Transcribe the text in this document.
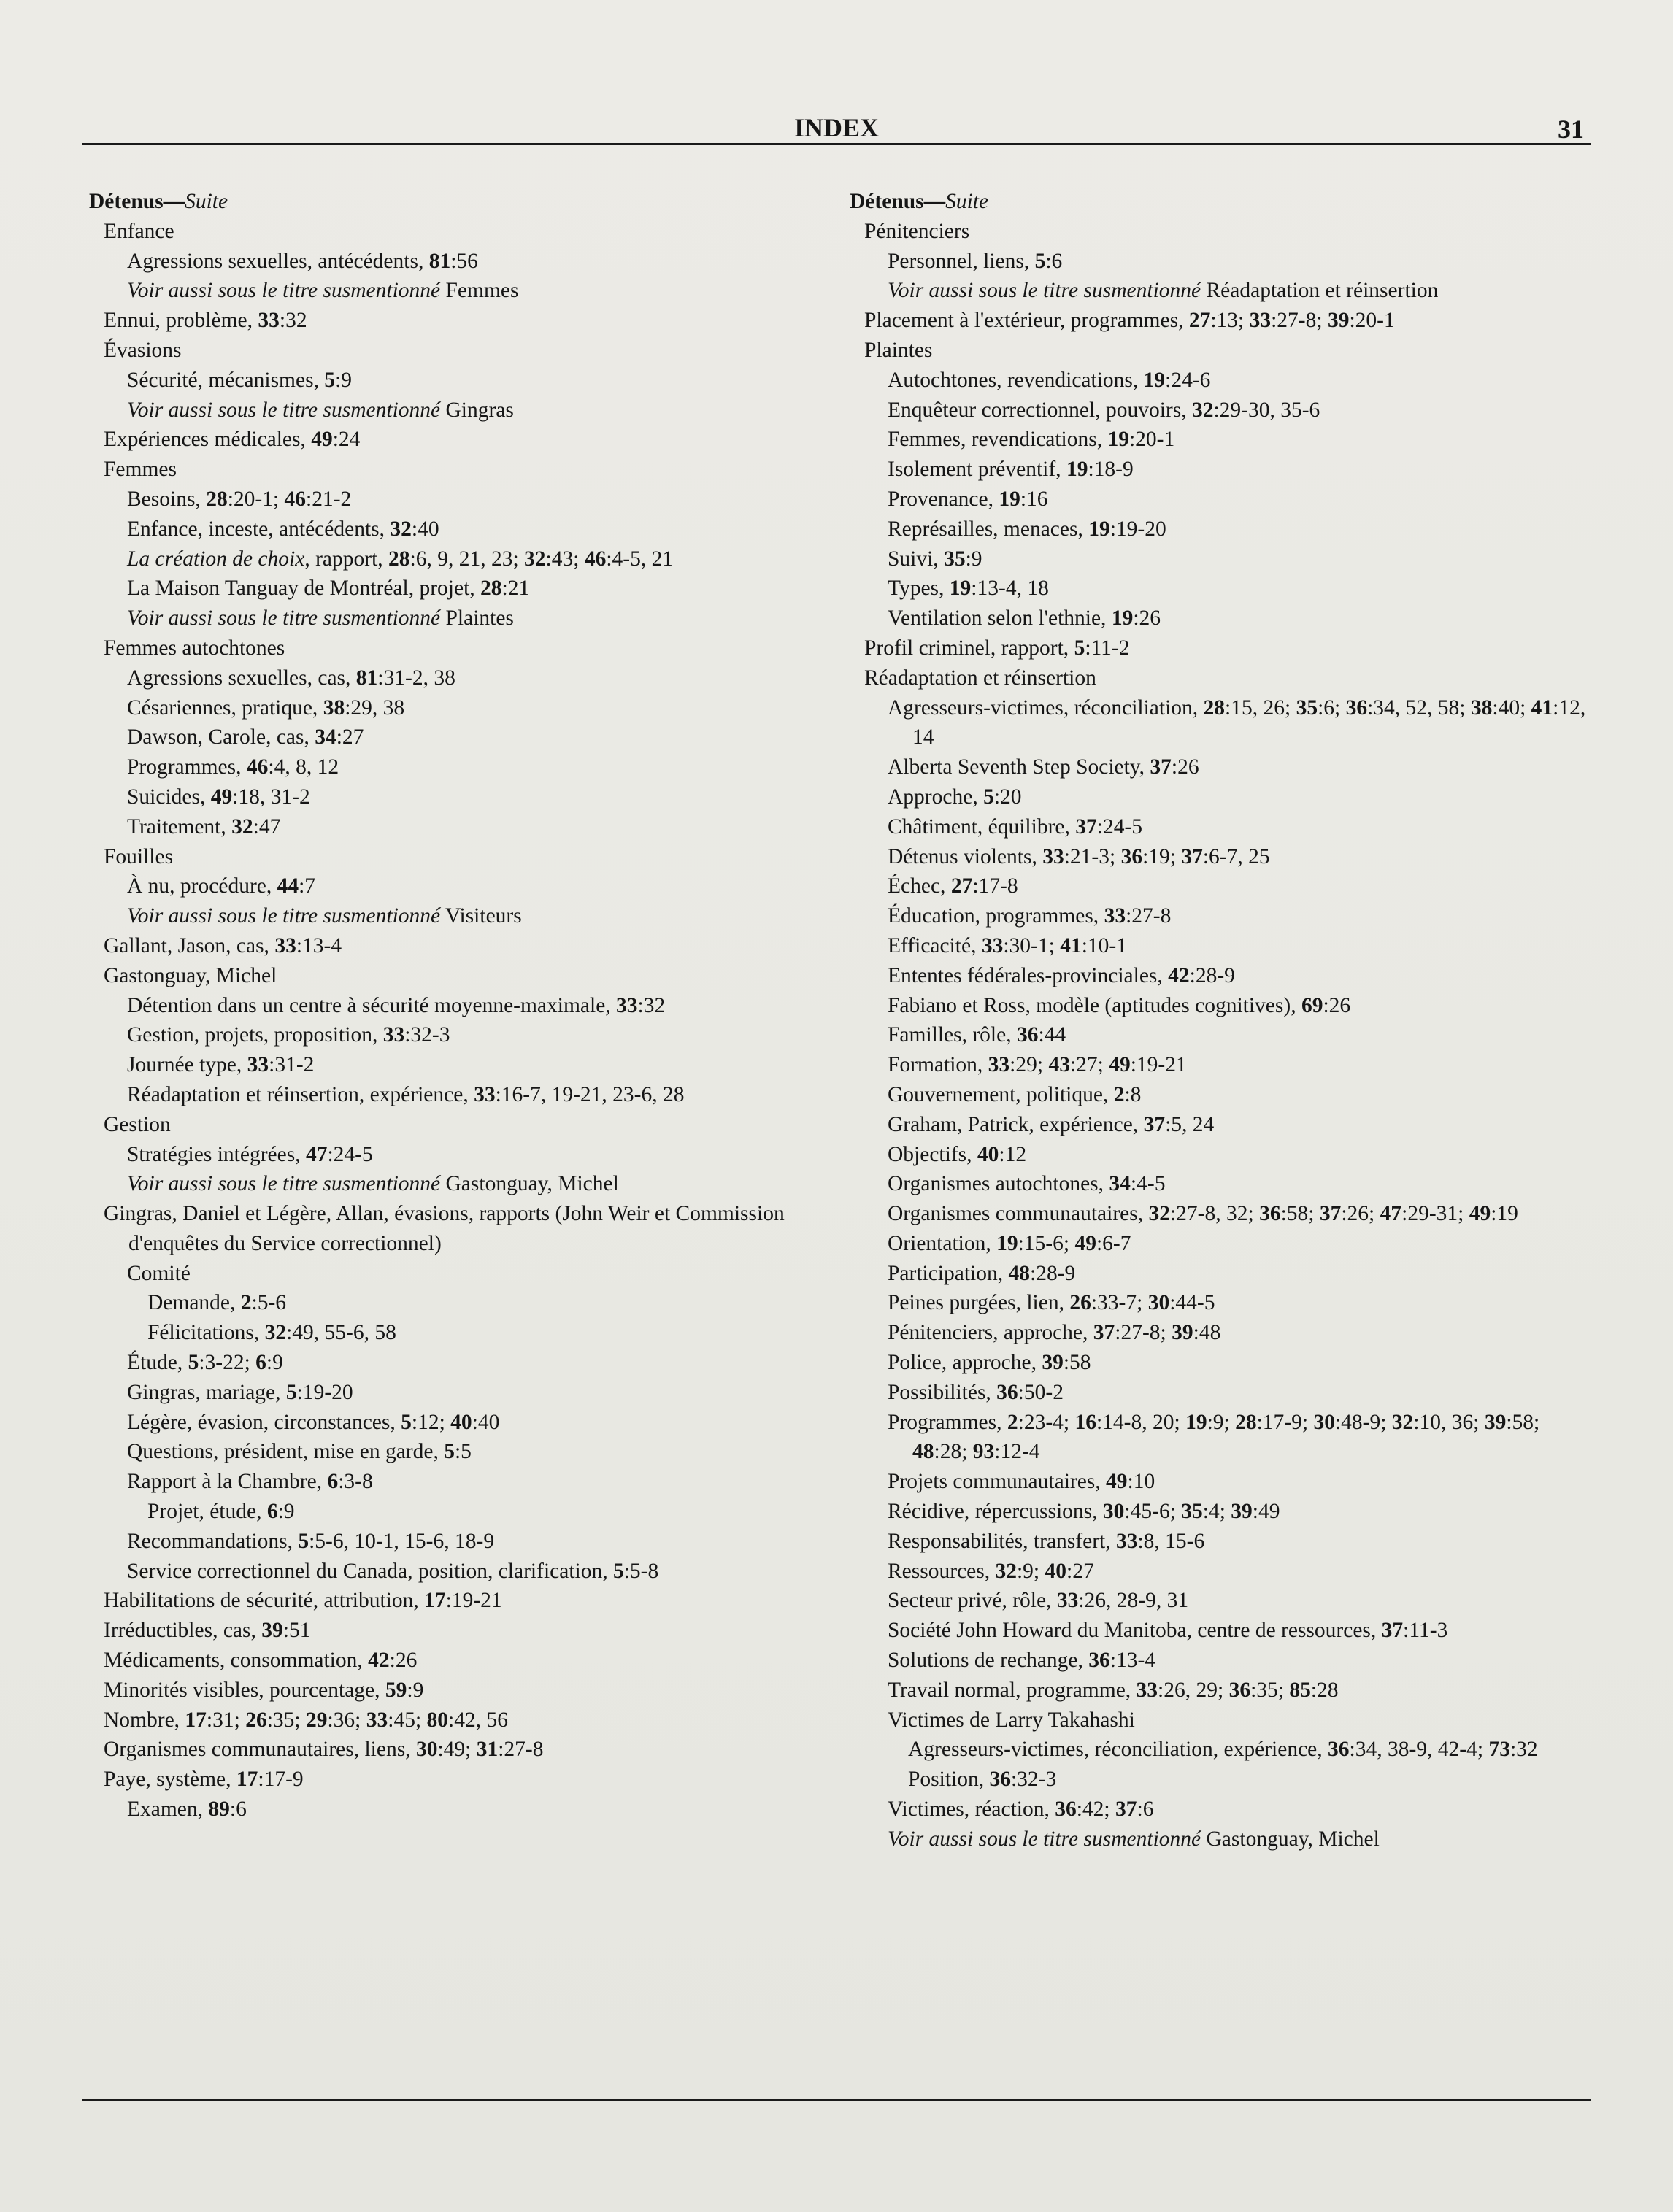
INDEX	31
Détenus—Suite
Enfance
Agressions sexuelles, antécédents, 81:56
Voir aussi sous le titre susmentionné Femmes
Ennui, problème, 33:32
Évasions
Sécurité, mécanismes, 5:9
Voir aussi sous le titre susmentionné Gingras
Expériences médicales, 49:24
Femmes
Besoins, 28:20-1; 46:21-2
Enfance, inceste, antécédents, 32:40
La création de choix, rapport, 28:6, 9, 21, 23; 32:43; 46:4-5, 21
La Maison Tanguay de Montréal, projet, 28:21
Voir aussi sous le titre susmentionné Plaintes
Femmes autochtones
Agressions sexuelles, cas, 81:31-2, 38
Césariennes, pratique, 38:29, 38
Dawson, Carole, cas, 34:27
Programmes, 46:4, 8, 12
Suicides, 49:18, 31-2
Traitement, 32:47
Fouilles
À nu, procédure, 44:7
Voir aussi sous le titre susmentionné Visiteurs
Gallant, Jason, cas, 33:13-4
Gastonguay, Michel
Détention dans un centre à sécurité moyenne-maximale, 33:32
Gestion, projets, proposition, 33:32-3
Journée type, 33:31-2
Réadaptation et réinsertion, expérience, 33:16-7, 19-21, 23-6, 28
Gestion
Stratégies intégrées, 47:24-5
Voir aussi sous le titre susmentionné Gastonguay, Michel
Gingras, Daniel et Légère, Allan, évasions, rapports (John Weir et Commission d'enquêtes du Service correctionnel)
Comité
Demande, 2:5-6
Félicitations, 32:49, 55-6, 58
Étude, 5:3-22; 6:9
Gingras, mariage, 5:19-20
Légère, évasion, circonstances, 5:12; 40:40
Questions, président, mise en garde, 5:5
Rapport à la Chambre, 6:3-8
Projet, étude, 6:9
Recommandations, 5:5-6, 10-1, 15-6, 18-9
Service correctionnel du Canada, position, clarification, 5:5-8
Habilitations de sécurité, attribution, 17:19-21
Irréductibles, cas, 39:51
Médicaments, consommation, 42:26
Minorités visibles, pourcentage, 59:9
Nombre, 17:31; 26:35; 29:36; 33:45; 80:42, 56
Organismes communautaires, liens, 30:49; 31:27-8
Paye, système, 17:17-9
Examen, 89:6
Détenus—Suite
Pénitenciers
Personnel, liens, 5:6
Voir aussi sous le titre susmentionné Réadaptation et réinsertion
Placement à l'extérieur, programmes, 27:13; 33:27-8; 39:20-1
Plaintes
Autochtones, revendications, 19:24-6
Enquêteur correctionnel, pouvoirs, 32:29-30, 35-6
Femmes, revendications, 19:20-1
Isolement préventif, 19:18-9
Provenance, 19:16
Représailles, menaces, 19:19-20
Suivi, 35:9
Types, 19:13-4, 18
Ventilation selon l'ethnie, 19:26
Profil criminel, rapport, 5:11-2
Réadaptation et réinsertion
Agresseurs-victimes, réconciliation, 28:15, 26; 35:6; 36:34, 52, 58; 38:40; 41:12, 14
Alberta Seventh Step Society, 37:26
Approche, 5:20
Châtiment, équilibre, 37:24-5
Détenus violents, 33:21-3; 36:19; 37:6-7, 25
Échec, 27:17-8
Éducation, programmes, 33:27-8
Efficacité, 33:30-1; 41:10-1
Ententes fédérales-provinciales, 42:28-9
Fabiano et Ross, modèle (aptitudes cognitives), 69:26
Familles, rôle, 36:44
Formation, 33:29; 43:27; 49:19-21
Gouvernement, politique, 2:8
Graham, Patrick, expérience, 37:5, 24
Objectifs, 40:12
Organismes autochtones, 34:4-5
Organismes communautaires, 32:27-8, 32; 36:58; 37:26; 47:29-31; 49:19
Orientation, 19:15-6; 49:6-7
Participation, 48:28-9
Peines purgées, lien, 26:33-7; 30:44-5
Pénitenciers, approche, 37:27-8; 39:48
Police, approche, 39:58
Possibilités, 36:50-2
Programmes, 2:23-4; 16:14-8, 20; 19:9; 28:17-9; 30:48-9; 32:10, 36; 39:58; 48:28; 93:12-4
Projets communautaires, 49:10
Récidive, répercussions, 30:45-6; 35:4; 39:49
Responsabilités, transfert, 33:8, 15-6
Ressources, 32:9; 40:27
Secteur privé, rôle, 33:26, 28-9, 31
Société John Howard du Manitoba, centre de ressources, 37:11-3
Solutions de rechange, 36:13-4
Travail normal, programme, 33:26, 29; 36:35; 85:28
Victimes de Larry Takahashi
Agresseurs-victimes, réconciliation, expérience, 36:34, 38-9, 42-4; 73:32
Position, 36:32-3
Victimes, réaction, 36:42; 37:6
Voir aussi sous le titre susmentionné Gastonguay, Michel
